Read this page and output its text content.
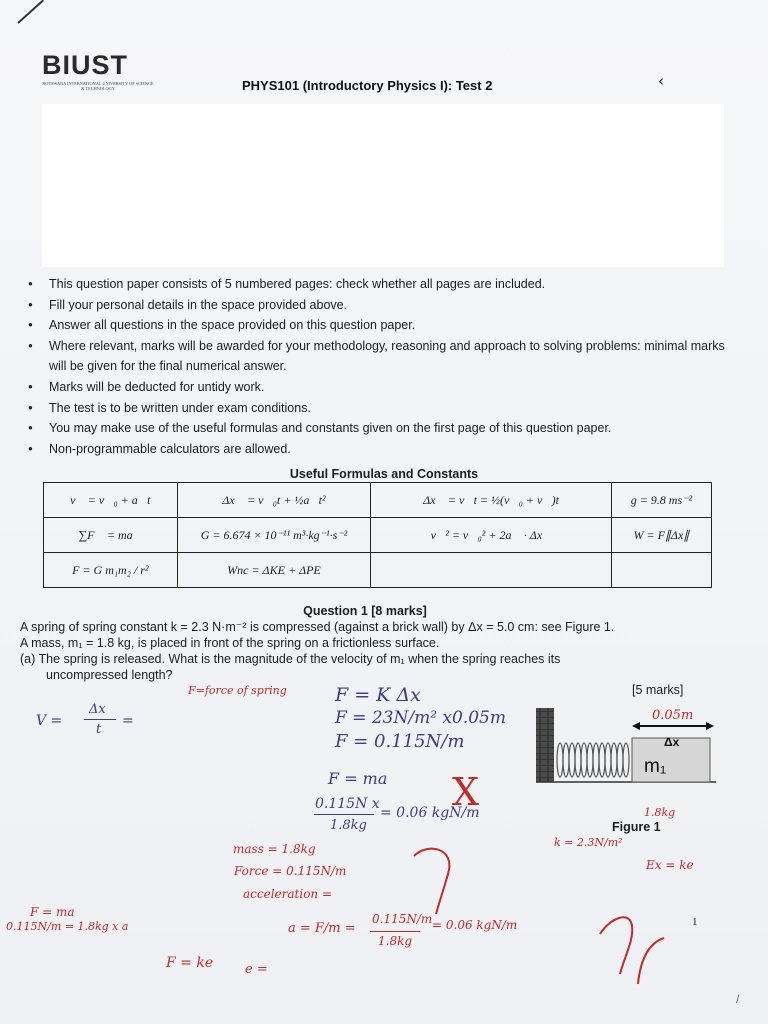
BIUST
BOTSWANA INTERNATIONAL UNIVERSITY OF SCIENCE & TECHNOLOGY	PHYS101 (Introductory Physics I): Test 2	‹
● This question paper consists of 5 numbered pages: check whether all pages are included.
● Fill your personal details in the space provided above.
● Answer all questions in the space provided on this question paper.
● Where relevant, marks will be awarded for your methodology, reasoning and approach to solving problems: minimal marks will be given for the final numerical answer.
● Marks will be deducted for untidy work.
● The test is to be written under exam conditions.
● You may make use of the useful formulas and constants given on the first page of this question paper.
● Non-programmable calculators are allowed.
Useful Formulas and Constants
v⃗ = v⃗₀ + a⃗t	Δx⃗ = v⃗₀t + ½a⃗t²	Δx⃗ = v⃗t = ½(v⃗₀ + v⃗)t	g = 9.8 ms⁻²
∑F⃗ = ma⃗	G = 6.674 × 10⁻¹¹ m³·kg⁻¹·s⁻²	v⃗² = v⃗₀² + 2a⃗ · Δx⃗	W = F∥Δx∥
F = G m₁m₂ / r²	Wnc = ΔKE + ΔPE		
Question 1 [8 marks]

A spring of spring constant k = 2.3 N·m⁻² is compressed (against a brick wall) by Δx = 5.0 cm: see Figure 1.

A mass, m₁ = 1.8 kg, is placed in front of the spring on a frictionless surface.

(a) The spring is released. What is the magnitude of the velocity of m₁ when the spring reaches its

uncompressed length?

[5 marks]
Δx
m₁
Figure 1
V =
Δx
t
=
F=force of spring	F = K Δx
F = 23N/m² x0.05m
F = 0.115N/m
F = ma
0.115N x
1.8kg
= 0.06 kgN/m
X
0.05m
1.8kg
k = 2.3N/m²
Ex = ke
mass = 1.8kg
Force = 0.115N/m
acceleration =
F = ma
0.115N/m = 1.8kg x a	a = F/m =
0.115N/m
1.8kg
= 0.06 kgN/m
F = ke e =
1
/
